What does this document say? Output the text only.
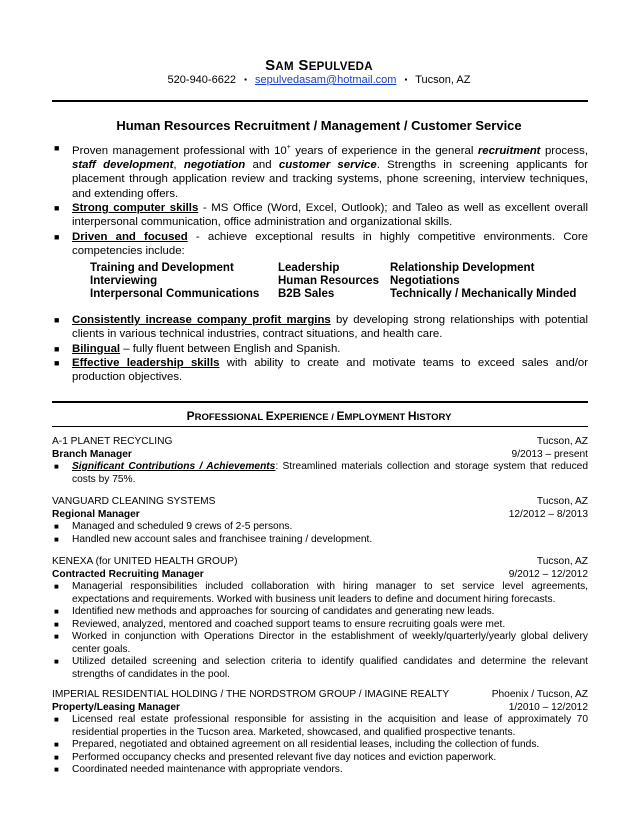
SAM SEPULVEDA
520-940-6622 ▪ sepulvedasam@hotmail.com ▪ Tucson, AZ
Human Resources Recruitment / Management / Customer Service
■ Proven management professional with 10+ years of experience in the general recruitment process, staff development, negotiation and customer service. Strengths in screening applicants for placement through application review and tracking systems, phone screening, interview techniques, and extending offers.
■ Strong computer skills - MS Office (Word, Excel, Outlook); and Taleo as well as excellent overall interpersonal communication, office administration and organizational skills.
■ Driven and focused - achieve exceptional results in highly competitive environments. Core competencies include:
Training and Development	Leadership	Relationship Development
Interviewing	Human Resources	Negotiations
Interpersonal Communications	B2B Sales	Technically / Mechanically Minded
■ Consistently increase company profit margins by developing strong relationships with potential clients in various technical industries, contract situations, and health care.
■ Bilingual – fully fluent between English and Spanish.
■ Effective leadership skills with ability to create and motivate teams to exceed sales and/or production objectives.
PROFESSIONAL EXPERIENCE / EMPLOYMENT HISTORY
A-1 PLANET RECYCLING	Tucson, AZ
Branch Manager	9/2013 – present
■ Significant Contributions / Achievements: Streamlined materials collection and storage system that reduced costs by 75%.
VANGUARD CLEANING SYSTEMS	Tucson, AZ
Regional Manager	12/2012 – 8/2013
■ Managed and scheduled 9 crews of 2-5 persons.
■ Handled new account sales and franchisee training / development.
KENEXA (for UNITED HEALTH GROUP)	Tucson, AZ
Contracted Recruiting Manager	9/2012 – 12/2012
■ Managerial responsibilities included collaboration with hiring manager to set service level agreements, expectations and requirements. Worked with business unit leaders to define and document hiring forecasts.
■ Identified new methods and approaches for sourcing of candidates and generating new leads.
■ Reviewed, analyzed, mentored and coached support teams to ensure recruiting goals were met.
■ Worked in conjunction with Operations Director in the establishment of weekly/quarterly/yearly global delivery center goals.
■ Utilized detailed screening and selection criteria to identify qualified candidates and determine the relevant strengths of candidates in the pool.
IMPERIAL RESIDENTIAL HOLDING / THE NORDSTROM GROUP / IMAGINE REALTY	Phoenix / Tucson, AZ
Property/Leasing Manager	1/2010 – 12/2012
■ Licensed real estate professional responsible for assisting in the acquisition and lease of approximately 70 residential properties in the Tucson area. Marketed, showcased, and qualified prospective tenants.
■ Prepared, negotiated and obtained agreement on all residential leases, including the collection of funds.
■ Performed occupancy checks and presented relevant five day notices and eviction paperwork.
■ Coordinated needed maintenance with appropriate vendors.
